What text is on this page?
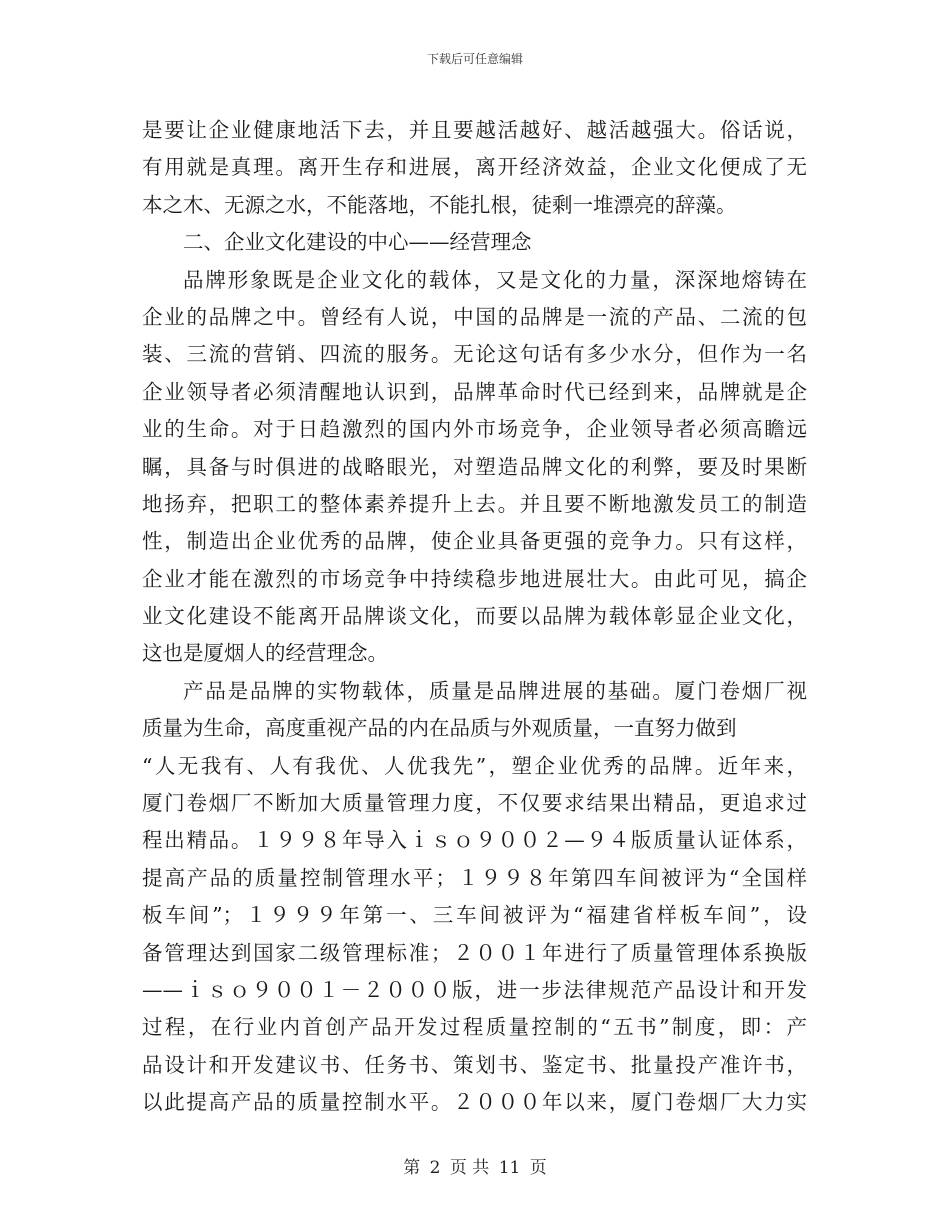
下载后可任意编辑
是要让企业健康地活下去，并且要越活越好、越活越强大。俗话说，
有用就是真理。离开生存和进展，离开经济效益，企业文化便成了无
本之木、无源之水，不能落地，不能扎根，徒剩一堆漂亮的辞藻。
二、企业文化建设的中心——经营理念
品牌形象既是企业文化的载体，又是文化的力量，深深地熔铸在
企业的品牌之中。曾经有人说，中国的品牌是一流的产品、二流的包
装、三流的营销、四流的服务。无论这句话有多少水分，但作为一名
企业领导者必须清醒地认识到，品牌革命时代已经到来，品牌就是企
业的生命。对于日趋激烈的国内外市场竞争，企业领导者必须高瞻远
瞩，具备与时俱进的战略眼光，对塑造品牌文化的利弊，要及时果断
地扬弃，把职工的整体素养提升上去。并且要不断地激发员工的制造
性，制造出企业优秀的品牌，使企业具备更强的竞争力。只有这样，
企业才能在激烈的市场竞争中持续稳步地进展壮大。由此可见，搞企
业文化建设不能离开品牌谈文化，而要以品牌为载体彰显企业文化，
这也是厦烟人的经营理念。
产品是品牌的实物载体，质量是品牌进展的基础。厦门卷烟厂视
质量为生命，高度重视产品的内在品质与外观质量，一直努力做到
“人无我有、人有我优、人优我先”，塑企业优秀的品牌。近年来，
厦门卷烟厂不断加大质量管理力度，不仅要求结果出精品，更追求过
程出精品。１９９８年导入ｉｓｏ９００２—９４版质量认证体系，
提高产品的质量控制管理水平；１９９８年第四车间被评为“全国样
板车间”；１９９９年第一、三车间被评为“福建省样板车间”，设
备管理达到国家二级管理标准；２００１年进行了质量管理体系换版
——ｉｓｏ９００１－２０００版，进一步法律规范产品设计和开发
过程，在行业内首创产品开发过程质量控制的“五书”制度，即：产
品设计和开发建议书、任务书、策划书、鉴定书、批量投产准许书，
以此提高产品的质量控制水平。２０００年以来，厦门卷烟厂大力实
第 2 页 共 11 页
